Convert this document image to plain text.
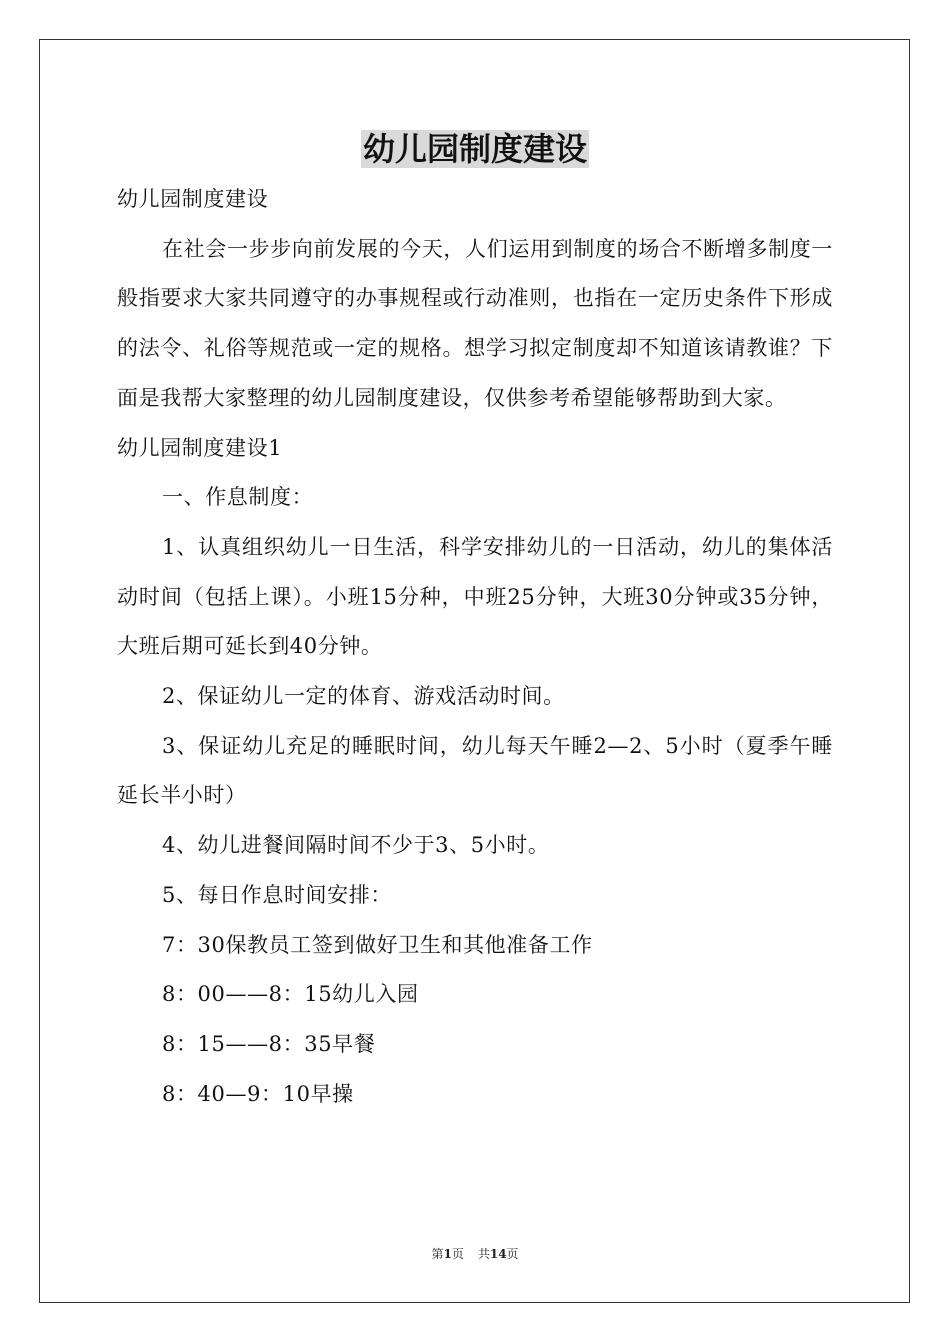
幼儿园制度建设

幼儿园制度建设

在社会一步步向前发展的今天，人们运用到制度的场合不断增多制度一般指要求大家共同遵守的办事规程或行动准则，也指在一定历史条件下形成的法令、礼俗等规范或一定的规格。想学习拟定制度却不知道该请教谁？下面是我帮大家整理的幼儿园制度建设，仅供参考希望能够帮助到大家。

幼儿园制度建设1

一、作息制度：

1、认真组织幼儿一日生活，科学安排幼儿的一日活动，幼儿的集体活动时间（包括上课）。小班15分种，中班25分钟，大班30分钟或35分钟，大班后期可延长到40分钟。

2、保证幼儿一定的体育、游戏活动时间。

3、保证幼儿充足的睡眠时间，幼儿每天午睡2—2、5小时（夏季午睡延长半小时）

4、幼儿进餐间隔时间不少于3、5小时。

5、每日作息时间安排：

7：30保教员工签到做好卫生和其他准备工作

8：00——8：15幼儿入园

8：15——8：35早餐

8：40—9：10早操

第1页 共14页
